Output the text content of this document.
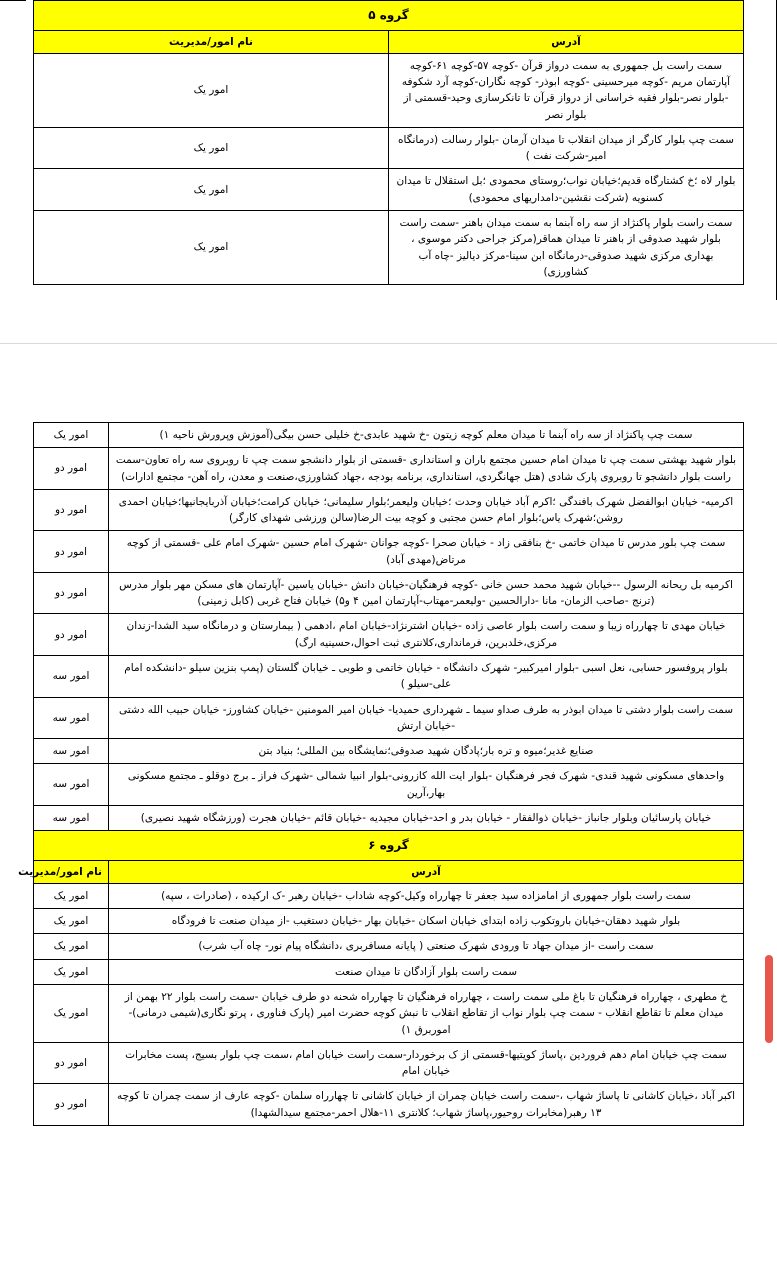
گروه ۵	
آدرس	نام امور/مدیریت
سمت راست بل جمهوری به سمت درواز قرآن -کوچه ۵۷-کوچه ۶۱-کوچه آپارتمان مریم -کوچه میرحسینی -کوچه ابوذر- کوچه نگاران-کوچه آرد شکوفه -بلوار نصر-بلوار فقیه خراسانی از درواز قرآن تا تانکرسازی وحید-قسمتی از بلوار نصر	امور یک
سمت چپ بلوار کارگر از میدان انقلاب تا میدان آرمان -بلوار رسالت (درمانگاه امیر-شرکت نفت )	امور یک
بلوار لاه ؛خ کشتارگاه قدیم؛خیابان نواب؛روستای محمودی ؛بل استقلال تا میدان کسنویه (شرکت نقشین-دامداریهای محمودی)	امور یک
سمت راست بلوار پاکنژاد از سه راه آبنما به سمت میدان باهنر -سمت راست بلوار شهید صدوقی از باهنر تا میدان هماقر(مرکز جراحی دکتر موسوی ، بهداری مرکزی شهید صدوقی-درمانگاه ابن سینا-مرکز دیالیز -چاه آب کشاورزی)	امور یک
سمت چپ پاکنژاد از سه راه آبنما تا میدان معلم کوچه زیتون -خ شهید عابدی-خ خلیلی حسن بیگی(آموزش وپرورش ناحیه ۱)	امور یک
بلوار شهید بهشتی سمت چپ تا میدان امام حسین مجتمع باران و استانداری -قسمتی از بلوار دانشجو سمت چپ تا روبروی سه راه تعاون-سمت راست بلوار دانشجو تا روبروی پارک شادی (هتل جهانگردی، استانداری، برنامه بودجه ،جهاد کشاورزی،صنعت و معدن، راه آهن- مجتمع ادارات)	امور دو
اکرمیه- خیابان ابوالفضل شهرک بافندگی ؛اکرم آباد خیابان وحدت ؛خیابان ولیعمر؛بلوار سلیمانی؛ خیابان کرامت؛خیابان آذربایجانیها؛خیابان احمدی روشن؛شهرک یاس؛بلوار امام حسن مجتبی و کوچه بیت الرضا(سالن ورزشی شهدای کارگر)	امور دو
سمت چپ بلور مدرس تا میدان خاتمی -خ بنافقی زاد - خیابان صحرا -کوچه جوانان -شهرک امام حسین -شهرک امام علی -قسمتی از کوچه مرتاض(مهدی آباد)	امور دو
اکرمیه بل ریحانه الرسول --خیابان شهید محمد حسن خانی -کوچه فرهنگیان-خیابان دانش -خیابان یاسین -آپارتمان های مسکن مهر بلوار مدرس (ترنج -صاحب الزمان- مانا -دارالحسین -ولیعمر-مهتاب-آپارتمان امین ۴ و۵) خیابان فتاح غربی (کابل زمینی)	امور دو
خیابان مهدی تا چهارراه زیبا و سمت راست بلوار عاصی زاده -خیابان اشترنژاد-خیابان امام ،ادهمی ( بیمارستان و درمانگاه سید الشدا-زندان مرکزی،خلدبرین، فرمانداری،کلانتری ثبت احوال،حسینیه ارگ)	امور دو
بلوار پروفسور حسابی، نعل اسبی -بلوار امیرکبیر- شهرک دانشگاه - خیابان خاتمی و طوبی ـ خیابان گلستان (پمپ بنزین سیلو -دانشکده امام علی-سیلو )	امور سه
سمت راست بلوار دشتی تا میدان ابوذر به طرف صداو سیما ـ شهرداری حمیدیا- خیابان امیر المومنین -خیابان کشاورز- خیابان حبیب الله دشتی -خیابان ارتش	امور سه
صنایع غدیر؛میوه و تره بار؛پادگان شهید صدوقی؛نمایشگاه بین المللی؛ بنیاد بتن	امور سه
واحدهای مسکونی شهید قندی- شهرک فجر فرهنگیان -بلوار ایت الله کازرونی-بلوار انبیا شمالی -شهرک فراز ـ برج دوقلو ـ مجتمع مسکونی بهار،آرین	امور سه
خیابان پارسائیان وبلوار جانباز -خیابان ذوالفقار - خیابان بدر و احد-خیابان مجیدیه -خیابان قائم -خیابان هجرت (ورزشگاه شهید نصیری)	امور سه
گروه ۶	
آدرس	نام امور/مدیریت
سمت راست بلوار جمهوری از امامزاده سید جعفر تا چهارراه وکیل-کوچه شاداب -خیابان رهبر -ک ارکیده ، (صادرات ، سپه)	امور یک
بلوار شهید دهقان-خیابان باروتکوب زاده ابتدای خیابان اسکان -خیابان بهار -خیابان دستغیب -از میدان صنعت تا فرودگاه	امور یک
سمت راست -از میدان جهاد تا ورودی شهرک صنعتی ( پایانه مسافربری ،دانشگاه پیام نور- چاه آب شرب)	امور یک
سمت راست بلوار آزادگان تا میدان صنعت	امور یک
خ مطهری ، چهارراه فرهنگیان تا باغ ملی سمت راست ، چهارراه فرهنگیان تا چهارراه شحنه دو طرف خیابان -سمت راست بلوار ۲۲ بهمن از میدان معلم تا تقاطع انقلاب - سمت چپ بلوار نواب از تقاطع انقلاب تا نبش کوچه حضرت امیر (پارک فناوری ، پرتو نگاری(شیمی درمانی)- اموربرق ۱)	امور یک
سمت چپ خیابان امام دهم فروردین ،پاساژ کویتیها-قسمتی از ک برخوردار-سمت راست خیابان امام ،سمت چپ بلوار بسیج، پست مخابرات خیابان امام	امور دو
اکبر آباد ،خیابان کاشانی تا پاساژ شهاب ،-سمت راست خیابان چمران از خیابان کاشانی تا چهارراه سلمان -کوچه عارف از سمت چمران تا کوچه ۱۳ رهبر(مخابرات روحیور،پاساژ شهاب؛ کلانتری ۱۱-هلال احمر-مجتمع سیدالشهدا)	امور دو
